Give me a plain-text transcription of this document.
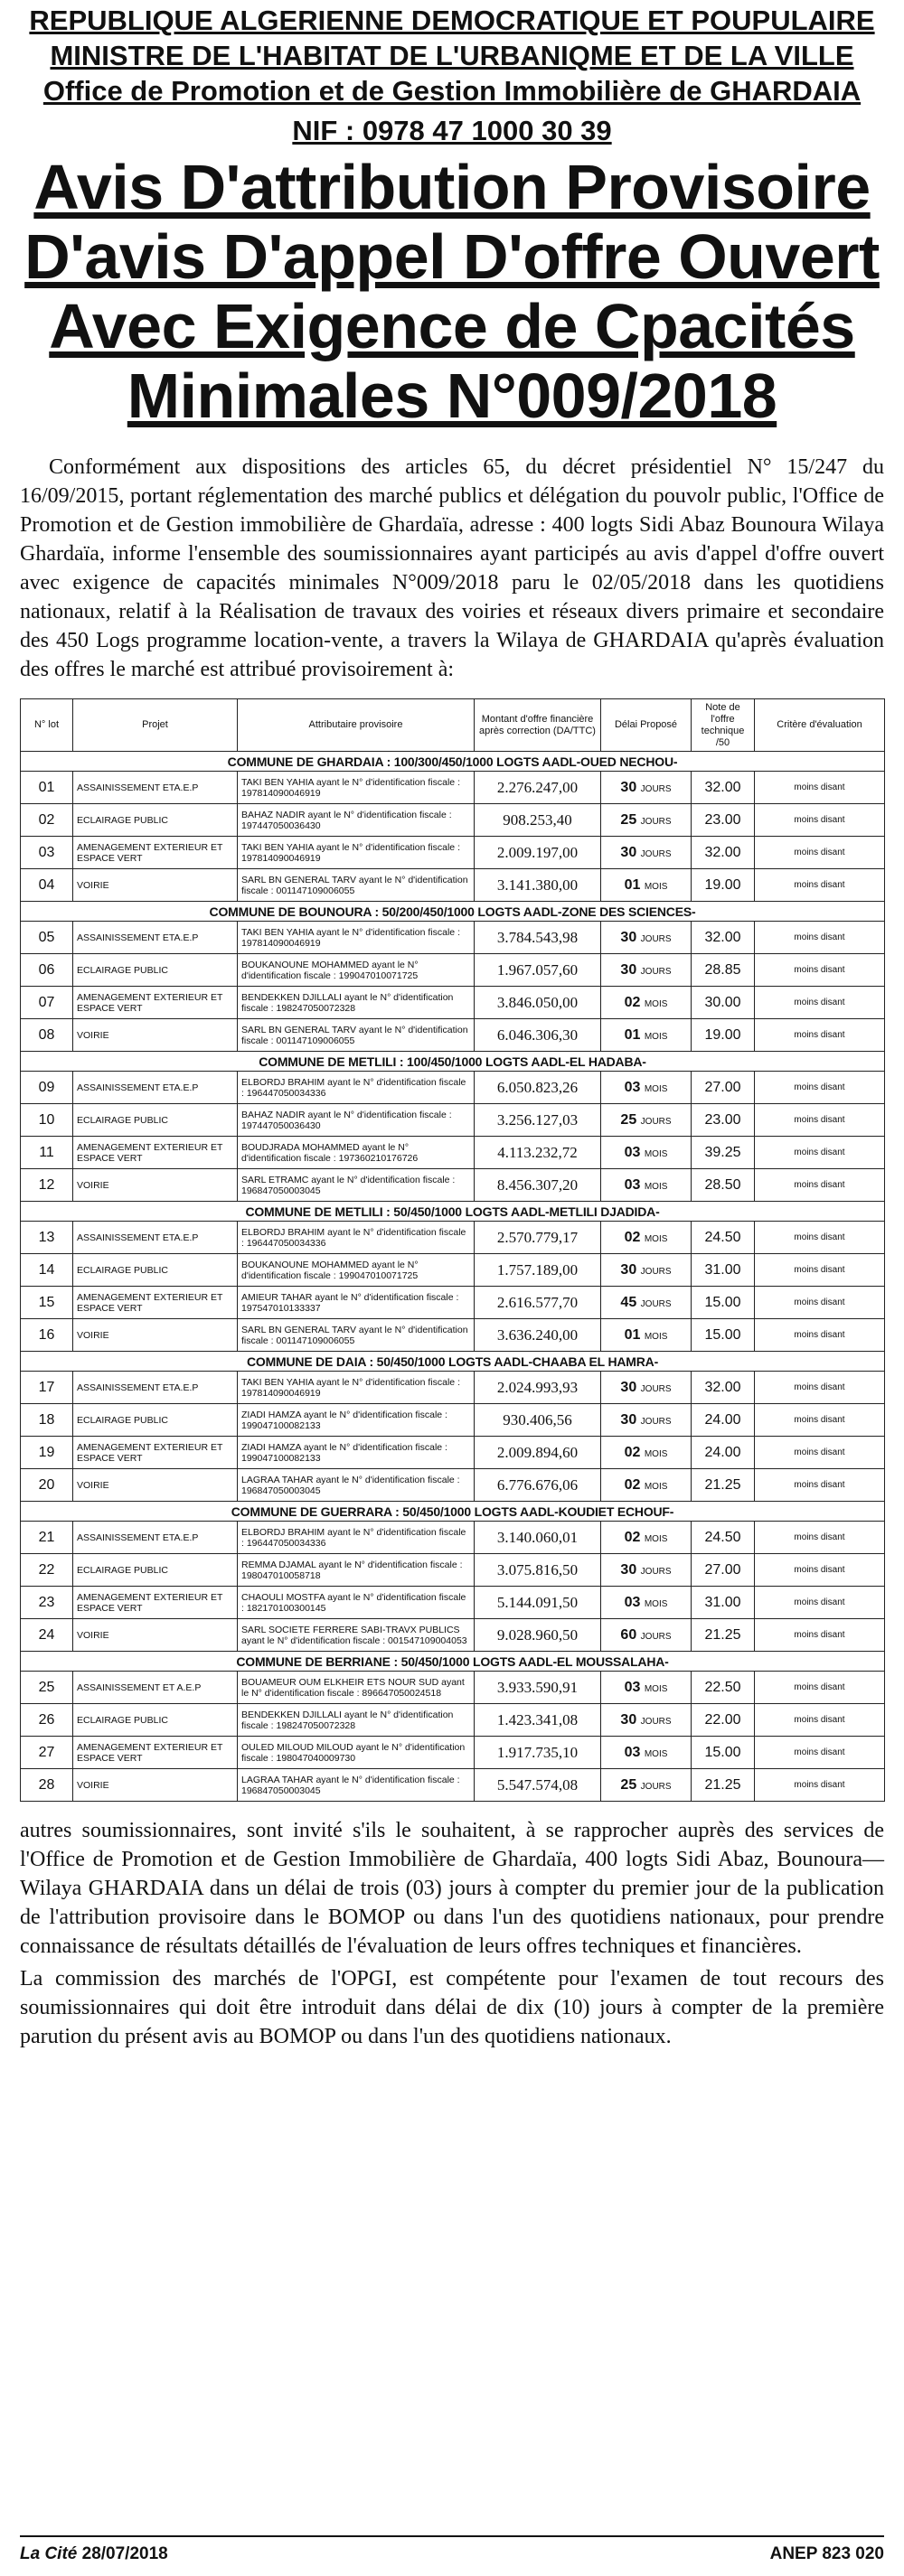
REPUBLIQUE ALGERIENNE DEMOCRATIQUE ET POUPULAIRE
MINISTRE DE L'HABITAT DE L'URBANIQME ET DE LA VILLE
Office de Promotion et de Gestion Immobilière de GHARDAIA
NIF : 0978 47 1000 30 39
Avis D'attribution Provisoire
D'avis D'appel D'offre Ouvert
Avec Exigence de Cpacités
Minimales N°009/2018

Conformément aux dispositions des articles 65, du décret présidentiel N° 15/247 du 16/09/2015, portant réglementation des marché publics et délégation du pouvolr public, l'Office de Promotion et de Gestion immobilière de Ghardaïa, adresse : 400 logts Sidi Abaz Bounoura Wilaya Ghardaïa, informe l'ensemble des soumissionnaires ayant participés au avis d'appel d'offre ouvert avec exigence de capacités minimales N°009/2018 paru le 02/05/2018 dans les quotidiens nationaux, relatif à la Réalisation de travaux des voiries et réseaux divers primaire et secondaire des 450 Logs programme location-vente, a travers la Wilaya de GHARDAIA qu'après évaluation des offres le marché est attribué provisoirement à:

N° lot	Projet	Attributaire provisoire	Montant d'offre financière après correction (DA/TTC)	Délai Proposé	Note de l'offre technique /50	Critère d'évaluation
COMMUNE DE GHARDAIA : 100/300/450/1000 LOGTS AADL-OUED NECHOU-						
01	ASSAINISSEMENT ETA.E.P	TAKI BEN YAHIA ayant le N° d'identification fiscale : 197814090046919	2.276.247,00	30 JOURS	32.00	moins disant
02	ECLAIRAGE PUBLIC	BAHAZ NADIR ayant le N° d'identification fiscale : 197447050036430	908.253,40	25 JOURS	23.00	moins disant
03	AMENAGEMENT EXTERIEUR ET ESPACE VERT	TAKI BEN YAHIA ayant le N° d'identification fiscale : 197814090046919	2.009.197,00	30 JOURS	32.00	moins disant
04	VOIRIE	SARL BN GENERAL TARV ayant le N° d'identification fiscale : 001147109006055	3.141.380,00	01 MOIS	19.00	moins disant
COMMUNE DE BOUNOURA : 50/200/450/1000 LOGTS AADL-ZONE DES SCIENCES-						
05	ASSAINISSEMENT ETA.E.P	TAKI BEN YAHIA ayant le N° d'identification fiscale : 197814090046919	3.784.543,98	30 JOURS	32.00	moins disant
06	ECLAIRAGE PUBLIC	BOUKANOUNE MOHAMMED ayant le N° d'identification fiscale : 199047010071725	1.967.057,60	30 JOURS	28.85	moins disant
07	AMENAGEMENT EXTERIEUR ET ESPACE VERT	BENDEKKEN DJILLALI ayant le N° d'identification fiscale : 198247050072328	3.846.050,00	02 MOIS	30.00	moins disant
08	VOIRIE	SARL BN GENERAL TARV ayant le N° d'identification fiscale : 001147109006055	6.046.306,30	01 MOIS	19.00	moins disant
COMMUNE DE METLILI : 100/450/1000 LOGTS AADL-EL HADABA-						
09	ASSAINISSEMENT ETA.E.P	ELBORDJ BRAHIM ayant le N° d'identification fiscale : 196447050034336	6.050.823,26	03 MOIS	27.00	moins disant
10	ECLAIRAGE PUBLIC	BAHAZ NADIR ayant le N° d'identification fiscale : 197447050036430	3.256.127,03	25 JOURS	23.00	moins disant
11	AMENAGEMENT EXTERIEUR ET ESPACE VERT	BOUDJRADA MOHAMMED ayant le N° d'identification fiscale : 197360210176726	4.113.232,72	03 MOIS	39.25	moins disant
12	VOIRIE	SARL ETRAMC ayant le N° d'identification fiscale : 196847050003045	8.456.307,20	03 MOIS	28.50	moins disant
COMMUNE DE METLILI : 50/450/1000 LOGTS AADL-METLILI DJADIDA-						
13	ASSAINISSEMENT ETA.E.P	ELBORDJ BRAHIM ayant le N° d'identification fiscale : 196447050034336	2.570.779,17	02 MOIS	24.50	moins disant
14	ECLAIRAGE PUBLIC	BOUKANOUNE MOHAMMED ayant le N° d'identification fiscale : 199047010071725	1.757.189,00	30 JOURS	31.00	moins disant
15	AMENAGEMENT EXTERIEUR ET ESPACE VERT	AMIEUR TAHAR ayant le N° d'identification fiscale : 197547010133337	2.616.577,70	45 JOURS	15.00	moins disant
16	VOIRIE	SARL BN GENERAL TARV ayant le N° d'identification fiscale : 001147109006055	3.636.240,00	01 MOIS	15.00	moins disant
COMMUNE DE DAIA : 50/450/1000 LOGTS AADL-CHAABA EL HAMRA-						
17	ASSAINISSEMENT ETA.E.P	TAKI BEN YAHIA ayant le N° d'identification fiscale : 197814090046919	2.024.993,93	30 JOURS	32.00	moins disant
18	ECLAIRAGE PUBLIC	ZIADI HAMZA ayant le N° d'identification fiscale : 199047100082133	930.406,56	30 JOURS	24.00	moins disant
19	AMENAGEMENT EXTERIEUR ET ESPACE VERT	ZIADI HAMZA ayant le N° d'identification fiscale : 199047100082133	2.009.894,60	02 MOIS	24.00	moins disant
20	VOIRIE	LAGRAA TAHAR ayant le N° d'identification fiscale : 196847050003045	6.776.676,06	02 MOIS	21.25	moins disant
COMMUNE DE GUERRARA : 50/450/1000 LOGTS AADL-KOUDIET ECHOUF-						
21	ASSAINISSEMENT ETA.E.P	ELBORDJ BRAHIM ayant le N° d'identification fiscale : 196447050034336	3.140.060,01	02 MOIS	24.50	moins disant
22	ECLAIRAGE PUBLIC	REMMA DJAMAL ayant le N° d'identification fiscale : 198047010058718	3.075.816,50	30 JOURS	27.00	moins disant
23	AMENAGEMENT EXTERIEUR ET ESPACE VERT	CHAOULI MOSTFA ayant le N° d'identification fiscale : 182170100300145	5.144.091,50	03 MOIS	31.00	moins disant
24	VOIRIE	SARL SOCIETE FERRERE SABI-TRAVX PUBLICS ayant le N° d'identification fiscale : 001547109004053	9.028.960,50	60 JOURS	21.25	moins disant
COMMUNE DE BERRIANE : 50/450/1000 LOGTS AADL-EL MOUSSALAHA-						
25	ASSAINISSEMENT ET A.E.P	BOUAMEUR OUM ELKHEIR ETS NOUR SUD ayant le N° d'identification fiscale : 896647050024518	3.933.590,91	03 MOIS	22.50	moins disant
26	ECLAIRAGE PUBLIC	BENDEKKEN DJILLALI ayant le N° d'identification fiscale : 198247050072328	1.423.341,08	30 JOURS	22.00	moins disant
27	AMENAGEMENT EXTERIEUR ET ESPACE VERT	OULED MILOUD MILOUD ayant le N° d'identification fiscale : 198047040009730	1.917.735,10	03 MOIS	15.00	moins disant
28	VOIRIE	LAGRAA TAHAR ayant le N° d'identification fiscale : 196847050003045	5.547.574,08	25 JOURS	21.25	moins disant

autres soumissionnaires, sont invité s'ils le souhaitent, à se rapprocher auprès des services de l'Office de Promotion et de Gestion Immobilière de Ghardaïa, 400 logts Sidi Abaz, Bounoura—Wilaya GHARDAIA dans un délai de trois (03) jours à compter du premier jour de la publication de l'attribution provisoire dans le BOMOP ou dans l'un des quotidiens nationaux, pour prendre connaissance de résultats détaillés de l'évaluation de leurs offres techniques et financières.

La commission des marchés de l'OPGI, est compétente pour l'examen de tout recours des soumissionnaires qui doit être introduit dans délai de dix (10) jours à compter de la première parution du présent avis au BOMOP ou dans l'un des quotidiens nationaux.

La Cité 28/07/2018	ANEP 823 020
